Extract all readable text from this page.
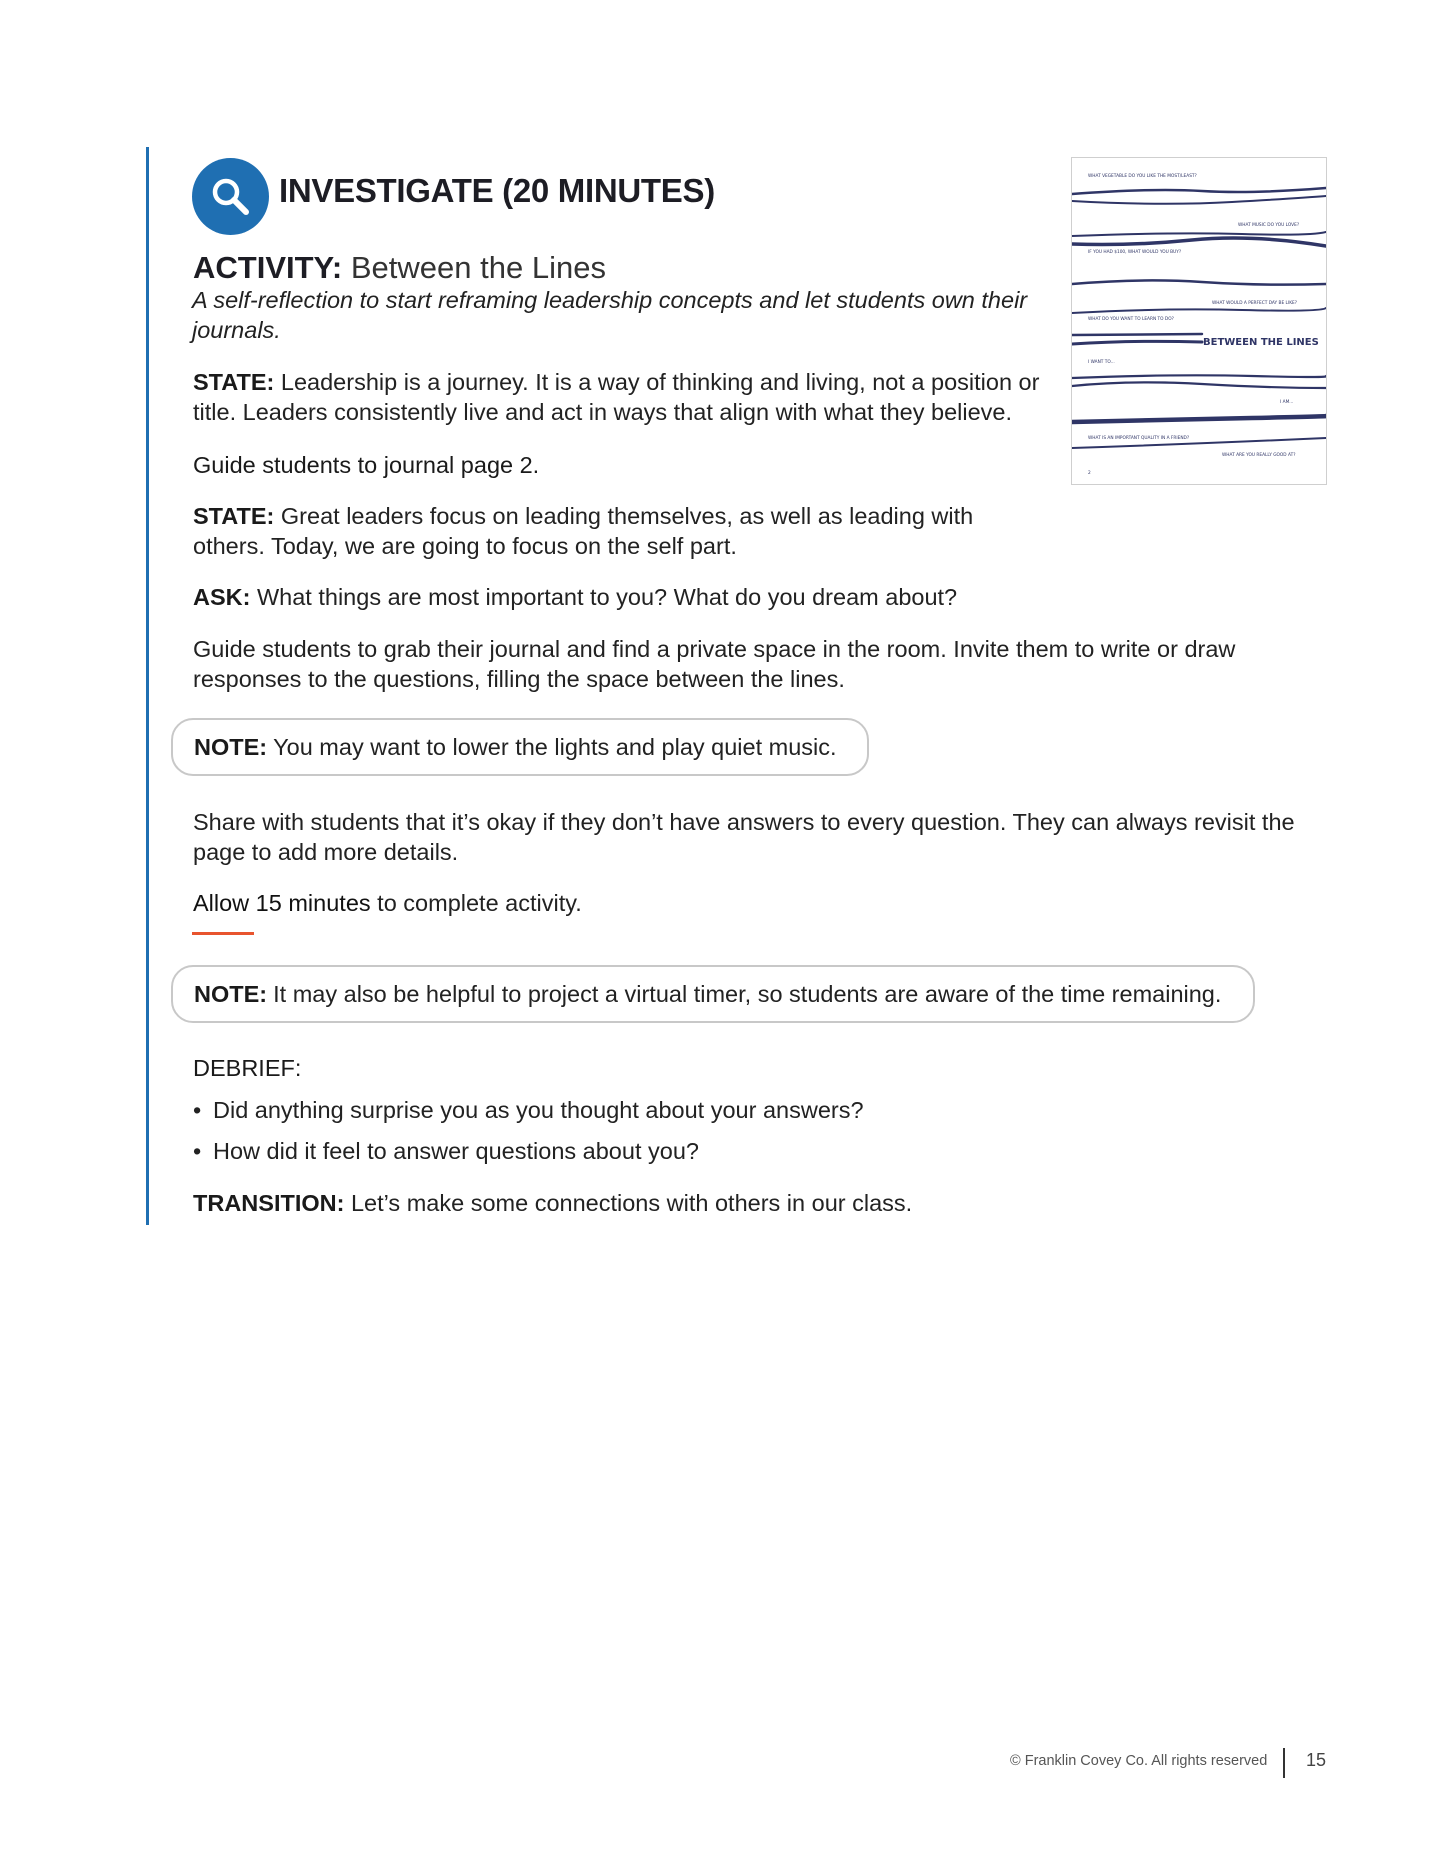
INVESTIGATE (20 MINUTES)
ACTIVITY: Between the Lines
A self-reflection to start reframing leadership concepts and let students own their journals.
STATE: Leadership is a journey. It is a way of thinking and living, not a position or title. Leaders consistently live and act in ways that align with what they believe.
Guide students to journal page 2.
STATE: Great leaders focus on leading themselves, as well as leading with others. Today, we are going to focus on the self part.
ASK: What things are most important to you? What do you dream about?
Guide students to grab their journal and find a private space in the room. Invite them to write or draw responses to the questions, filling the space between the lines.
NOTE: You may want to lower the lights and play quiet music.
Share with students that it’s okay if they don’t have answers to every question. They can always revisit the page to add more details.
Allow 15 minutes to complete activity.
NOTE: It may also be helpful to project a virtual timer, so students are aware of the time remaining.
DEBRIEF:
• Did anything surprise you as you thought about your answers?
• How did it feel to answer questions about you?
TRANSITION: Let’s make some connections with others in our class.
WHAT VEGETABLE DO YOU LIKE THE MOST/LEAST?
WHAT MUSIC DO YOU LOVE?
IF YOU HAD $100, WHAT WOULD YOU BUY?
WHAT WOULD A PERFECT DAY BE LIKE?
WHAT DO YOU WANT TO LEARN TO DO?
I WANT TO...
I AM...
WHAT IS AN IMPORTANT QUALITY IN A FRIEND?
WHAT ARE YOU REALLY GOOD AT?
2
BETWEEN THE LINES
© Franklin Covey Co. All rights reserved 15
